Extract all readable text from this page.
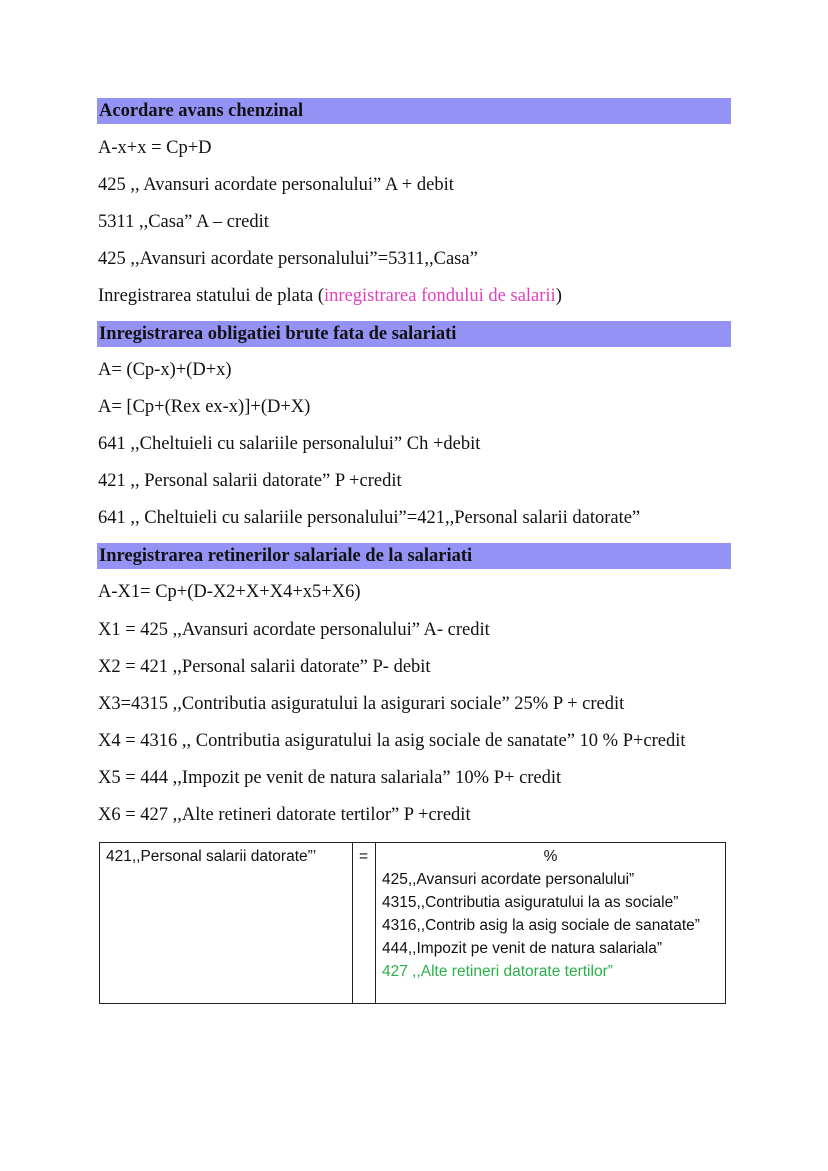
Acordare avans chenzinal
A-x+x = Cp+D
425 ,, Avansuri acordate personalului” A + debit
5311 ,,Casa” A – credit
425 ,,Avansuri acordate personalului”=5311,,Casa”
Inregistrarea statului de plata (inregistrarea fondului de salarii)
Inregistrarea obligatiei brute fata de salariati
A= (Cp-x)+(D+x)
A= [Cp+(Rex ex-x)]+(D+X)
641 ,,Cheltuieli cu salariile personalului” Ch +debit
421 ,, Personal salarii datorate” P +credit
641 ,, Cheltuieli cu salariile personalului”=421,,Personal salarii datorate”
Inregistrarea retinerilor salariale de la salariati
A-X1= Cp+(D-X2+X+X4+x5+X6)
X1 = 425 ,,Avansuri acordate personalului” A- credit
X2 = 421 ,,Personal salarii datorate” P- debit
X3=4315 ,,Contributia asiguratului la asigurari sociale” 25% P + credit
X4 = 4316 ,, Contributia asiguratului la asig sociale de sanatate” 10 % P+credit
X5 = 444 ,,Impozit pe venit de natura salariala” 10% P+ credit
X6 = 427 ,,Alte retineri datorate tertilor” P +credit
421,,Personal salarii datorate”’	=	%
425,,Avansuri acordate personalului”
4315,,Contributia asiguratului la as sociale”
4316,,Contrib asig la asig sociale de sanatate”
444,,Impozit pe venit de natura salariala”
427 ,,Alte retineri datorate tertilor”
